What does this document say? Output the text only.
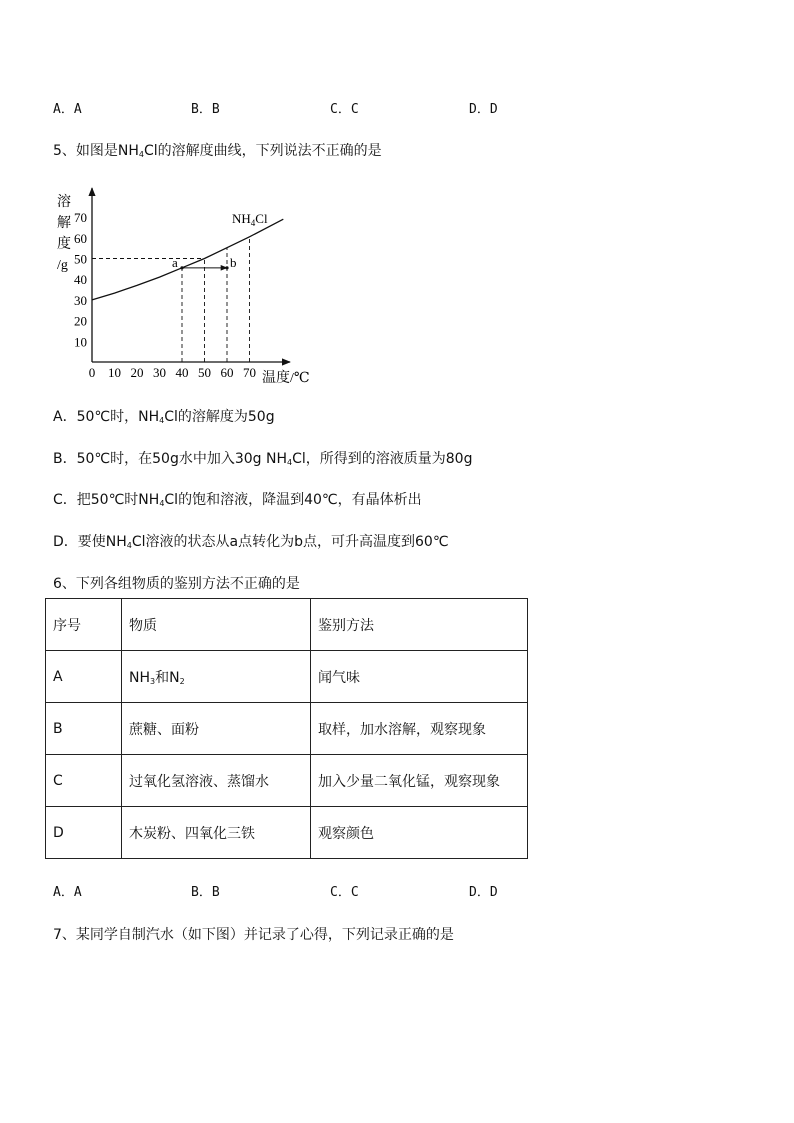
A．A	B．B	C．C	D．D
5、如图是$NH_4Cl$的溶解度曲线，下列说法不正确的是
溶
解
度
/g
0 10 20 30 40 50 60 70
10
20
30
40
50
60
70
a	b
$NH_4Cl$
温度/℃
A．50℃时，$NH_4Cl$的溶解度为50g
B．50℃时，在50g水中加入30g $NH_4Cl$，所得到的溶液质量为80g
C．把50℃时$NH_4Cl$的饱和溶液，降温到40℃，有晶体析出
D．要使$NH_4Cl$溶液的状态从a点转化为b点，可升高温度到60℃
6、下列各组物质的鉴别方法不正确的是
序号	物质	鉴别方法
A	$NH_3$和$N_2$	闻气味
B	蔗糖、面粉	取样，加水溶解，观察现象
C	过氧化氢溶液、蒸馏水	加入少量二氧化锰，观察现象
D	木炭粉、四氧化三铁	观察颜色
A．A	B．B	C．C	D．D
7、某同学自制汽水（如下图）并记录了心得，下列记录正确的是
